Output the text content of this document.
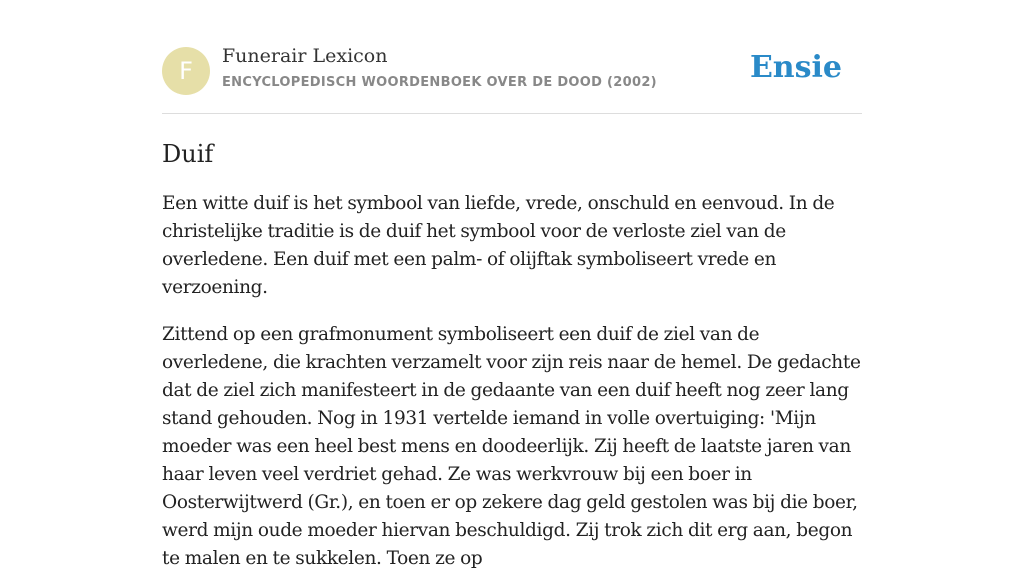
F
Funerair Lexicon
ENCYCLOPEDISCH WOORDENBOEK OVER DE DOOD (2002)	Ensie
Duif

Een witte duif is het symbool van liefde, vrede, onschuld en eenvoud. In de christelijke traditie is de duif het symbool voor de verloste ziel van de overledene. Een duif met een palm- of olijftak symboliseert vrede en verzoening.

Zittend op een grafmonument symboliseert een duif de ziel van de overledene, die krachten verzamelt voor zijn reis naar de hemel. De gedachte dat de ziel zich manifesteert in de gedaante van een duif heeft nog zeer lang stand gehouden. Nog in 1931 vertelde iemand in volle overtuiging: 'Mijn moeder was een heel best mens en doodeerlijk. Zij heeft de laatste jaren van haar leven veel verdriet gehad. Ze was werkvrouw bij een boer in Oosterwijtwerd (Gr.), en toen er op zekere dag geld gestolen was bij die boer, werd mijn oude moeder hiervan beschuldigd. Zij trok zich dit erg aan, begon te malen en te sukkelen. Toen ze op
